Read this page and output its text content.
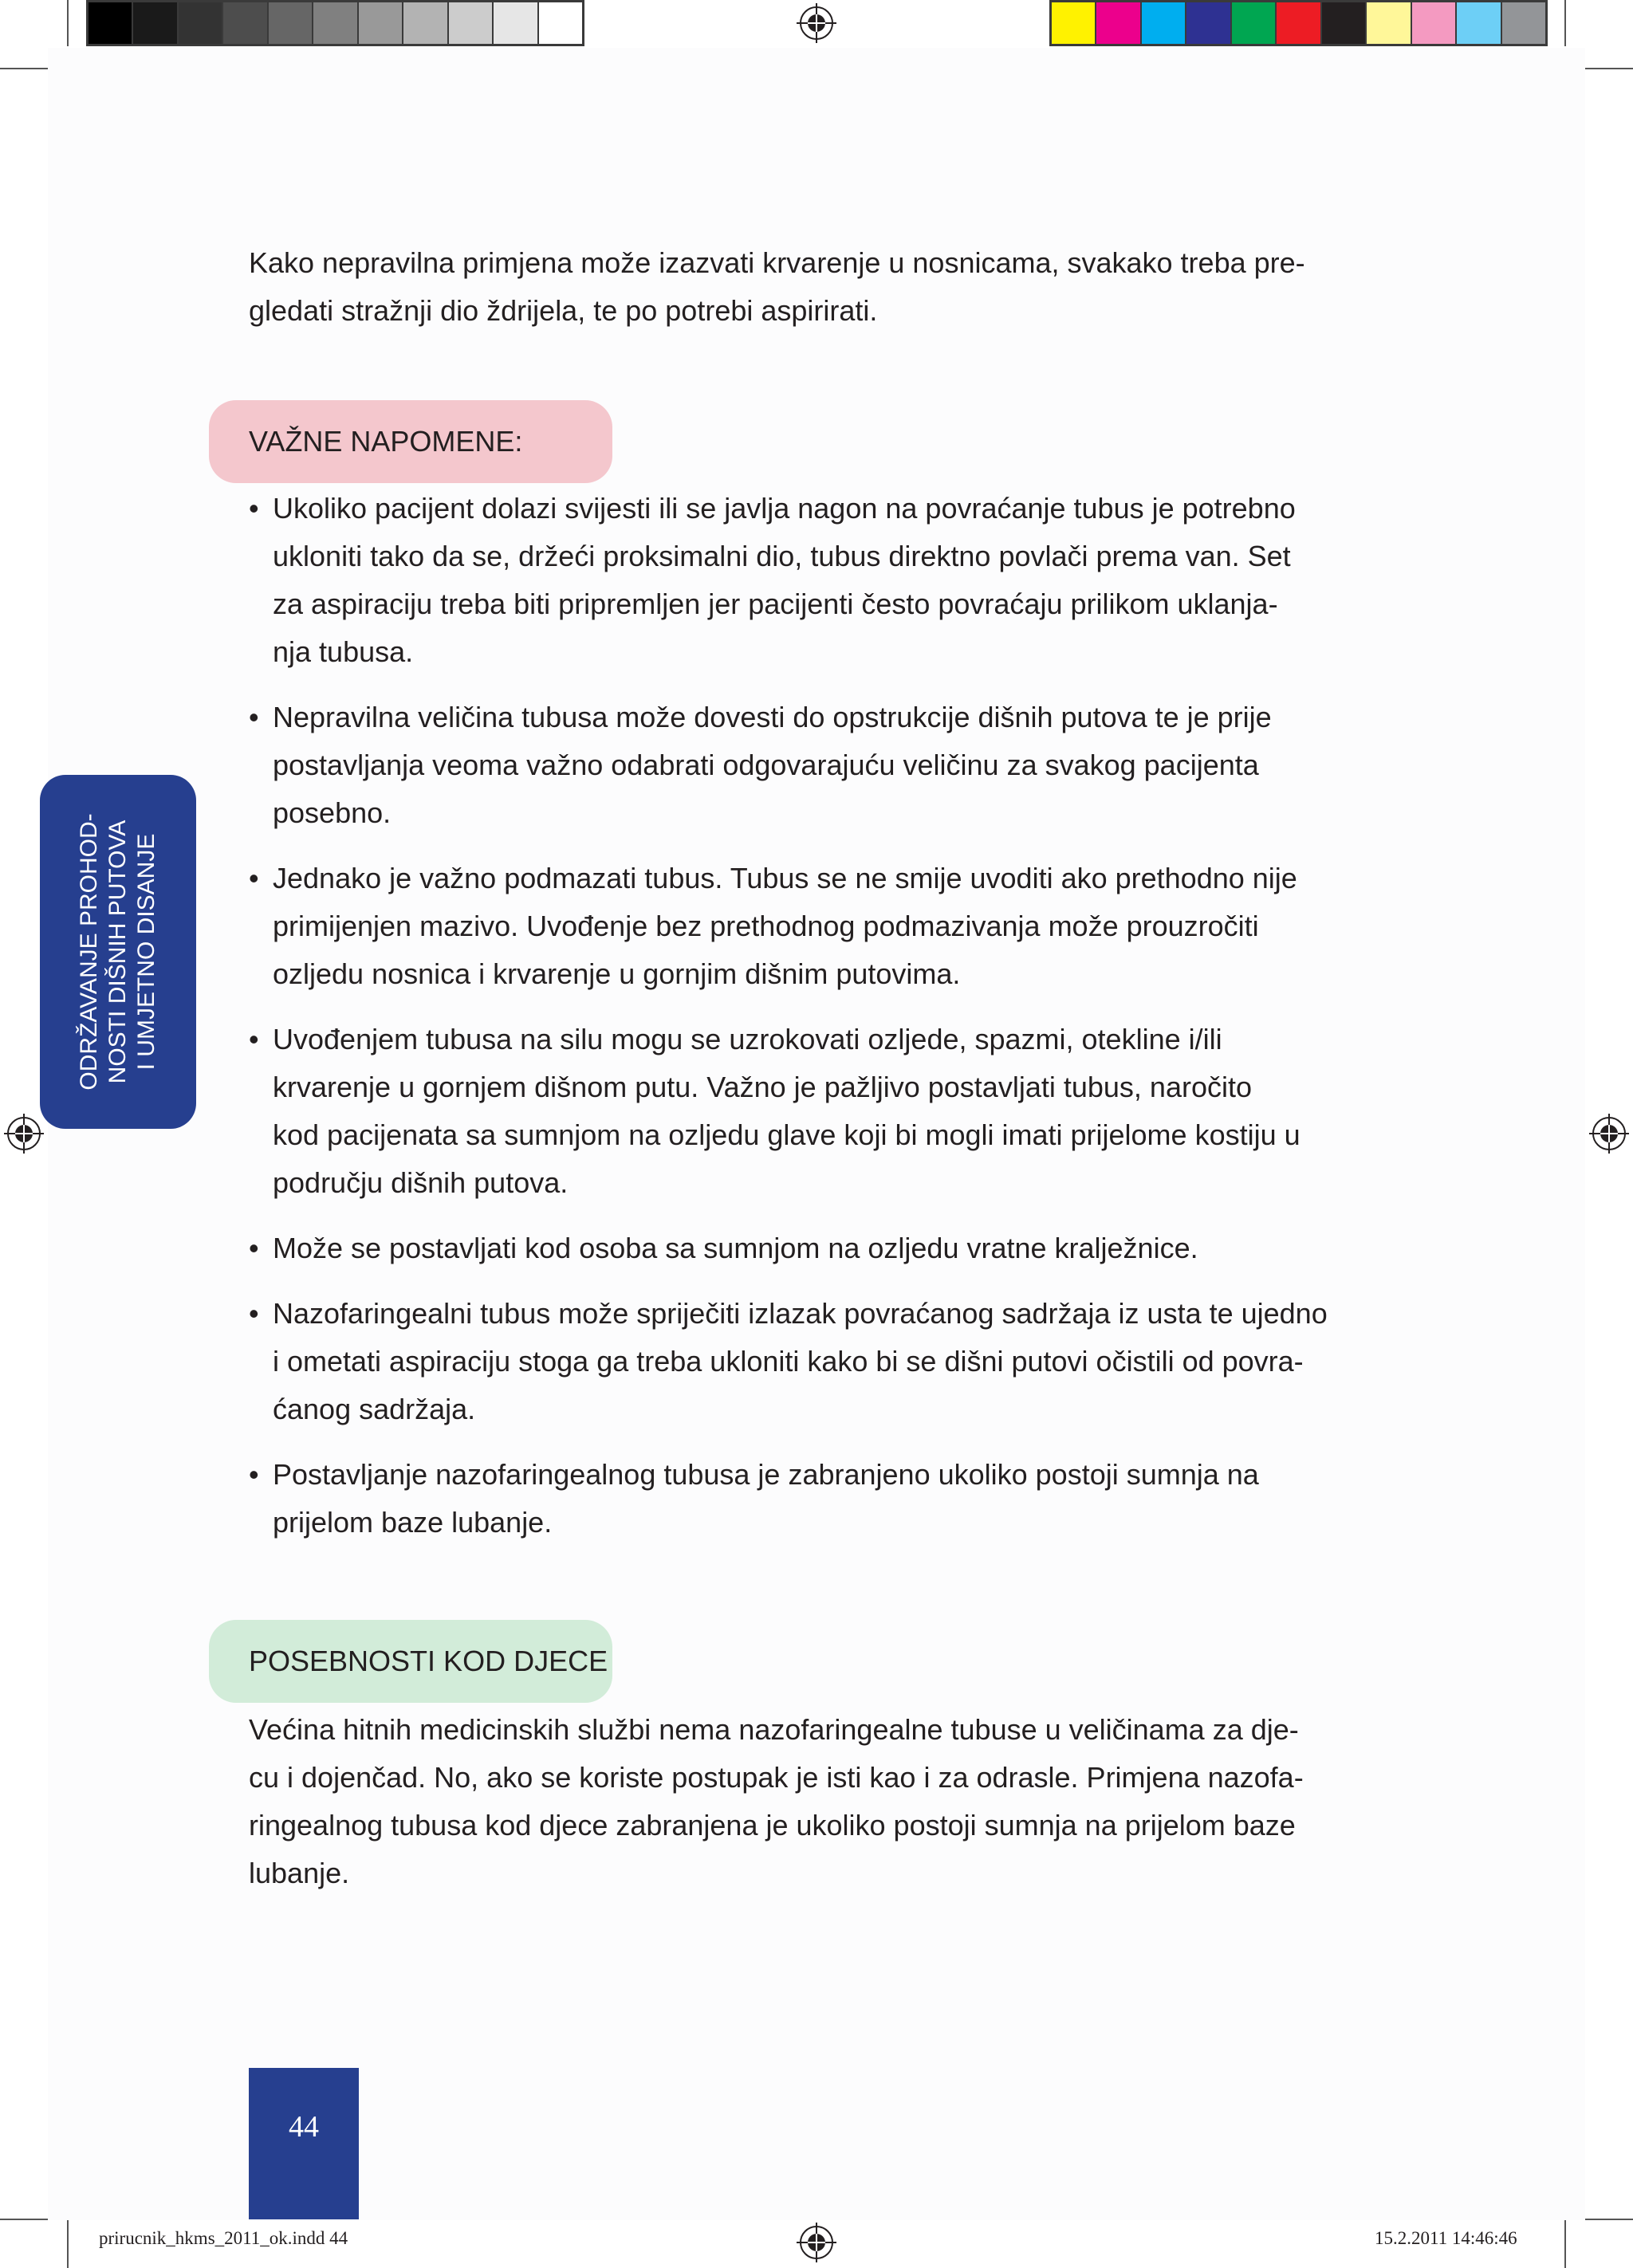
Kako nepravilna primjena može izazvati krvarenje u nosnicama, svakako treba pre-
gledati stražnji dio ždrijela, te po potrebi aspirirati.
VAŽNE NAPOMENE:
• Ukoliko pacijent dolazi svijesti ili se javlja nagon na povraćanje tubus je potrebno
ukloniti tako da se, držeći proksimalni dio, tubus direktno povlači prema van. Set
za aspiraciju treba biti pripremljen jer pacijenti često povraćaju prilikom uklanja-
nja tubusa.
• Nepravilna veličina tubusa može dovesti do opstrukcije dišnih putova te je prije
postavljanja veoma važno odabrati odgovarajuću veličinu za svakog pacijenta
posebno.
• Jednako je važno podmazati tubus. Tubus se ne smije uvoditi ako prethodno nije
primijenjen mazivo. Uvođenje bez prethodnog podmazivanja može prouzročiti
ozljedu nosnica i krvarenje u gornjim dišnim putovima.
• Uvođenjem tubusa na silu mogu se uzrokovati ozljede, spazmi, otekline i/ili
krvarenje u gornjem dišnom putu. Važno je pažljivo postavljati tubus, naročito
kod pacijenata sa sumnjom na ozljedu glave koji bi mogli imati prijelome kostiju u
području dišnih putova.
• Može se postavljati kod osoba sa sumnjom na ozljedu vratne kralježnice.
• Nazofaringealni tubus može spriječiti izlazak povraćanog sadržaja iz usta te ujedno
i ometati aspiraciju stoga ga treba ukloniti kako bi se dišni putovi očistili od povra-
ćanog sadržaja.
• Postavljanje nazofaringealnog tubusa je zabranjeno ukoliko postoji sumnja na
prijelom baze lubanje.
POSEBNOSTI KOD DJECE
Većina hitnih medicinskih službi nema nazofaringealne tubuse u veličinama za dje-
cu i dojenčad. No, ako se koriste postupak je isti kao i za odrasle. Primjena nazofa-
ringealnog tubusa kod djece zabranjena je ukoliko postoji sumnja na prijelom baze
lubanje.
ODRŽAVANJE PROHOD- NOSTI DIŠNIH PUTOVA I UMJETNO DISANJE
44
prirucnik_hkms_2011_ok.indd 44	15.2.2011 14:46:46
